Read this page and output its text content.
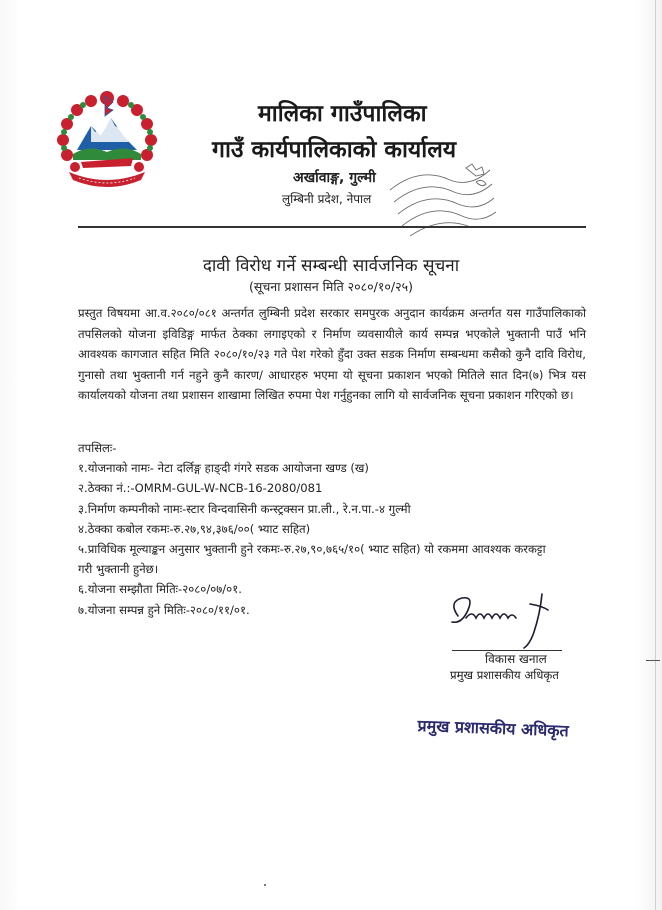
मालिका गाउँपालिका
गाउँ कार्यपालिकाको कार्यालय
अर्खावाङ्ग, गुल्मी
लुम्बिनी प्रदेश, नेपाल
दावी विरोध गर्ने सम्बन्धी सार्वजनिक सूचना
(सूचना प्रशासन मिति २०८०/१०/२५)
प्रस्तुत विषयमा आ.व.२०८०/०८१ अन्तर्गत लुम्बिनी प्रदेश सरकार समपुरक अनुदान कार्यक्रम अन्तर्गत यस गाउँपालिकाको तपसिलको योजना इविडिङ्ग मार्फत ठेक्का लगाइएको र निर्माण व्यवसायीले कार्य सम्पन्न भएकोले भुक्तानी पाउँ भनि आवश्यक कागजात सहित मिति २०८०/१०/२३ गते पेश गरेको हुँदा उक्त सडक निर्माण सम्बन्धमा कसैको कुनै दावि विरोध, गुनासो तथा भुक्तानी गर्न नहुने कुनै कारण/ आधारहरु भएमा यो सूचना प्रकाशन भएको मितिले सात दिन(७) भित्र यस कार्यालयको योजना तथा प्रशासन शाखामा लिखित रुपमा पेश गर्नुहुनका लागि यो सार्वजनिक सूचना प्रकाशन गरिएको छ।
तपसिलः-
१.योजनाको नामः- नेटा दर्लिङ्ग हाङ्दी गंगरे सडक आयोजना खण्ड (ख)
२.ठेक्का नं.:-OMRM-GUL-W-NCB-16-2080/081
३.निर्माण कम्पनीको नामः-स्टार विन्दवासिनी कन्स्ट्रक्सन प्रा.ली., रे.न.पा.-४ गुल्मी
४.ठेक्का कबोल रकमः-रु.२७,९४,३७६/००( भ्याट सहित)
५.प्राविधिक मूल्याङ्कन अनुसार भुक्तानी हुने रकमः-रु.२७,९०,७६५/१०( भ्याट सहित) यो रकममा आवश्यक करकट्टा गरी भुक्तानी हुनेछ।
६.योजना सम्झौता मितिः-२०८०/०७/०१.
७.योजना सम्पन्न हुने मितिः-२०८०/११/०१.
विकास खनाल
प्रमुख प्रशासकीय अधिकृत
प्रमुख प्रशासकीय अधिकृत
